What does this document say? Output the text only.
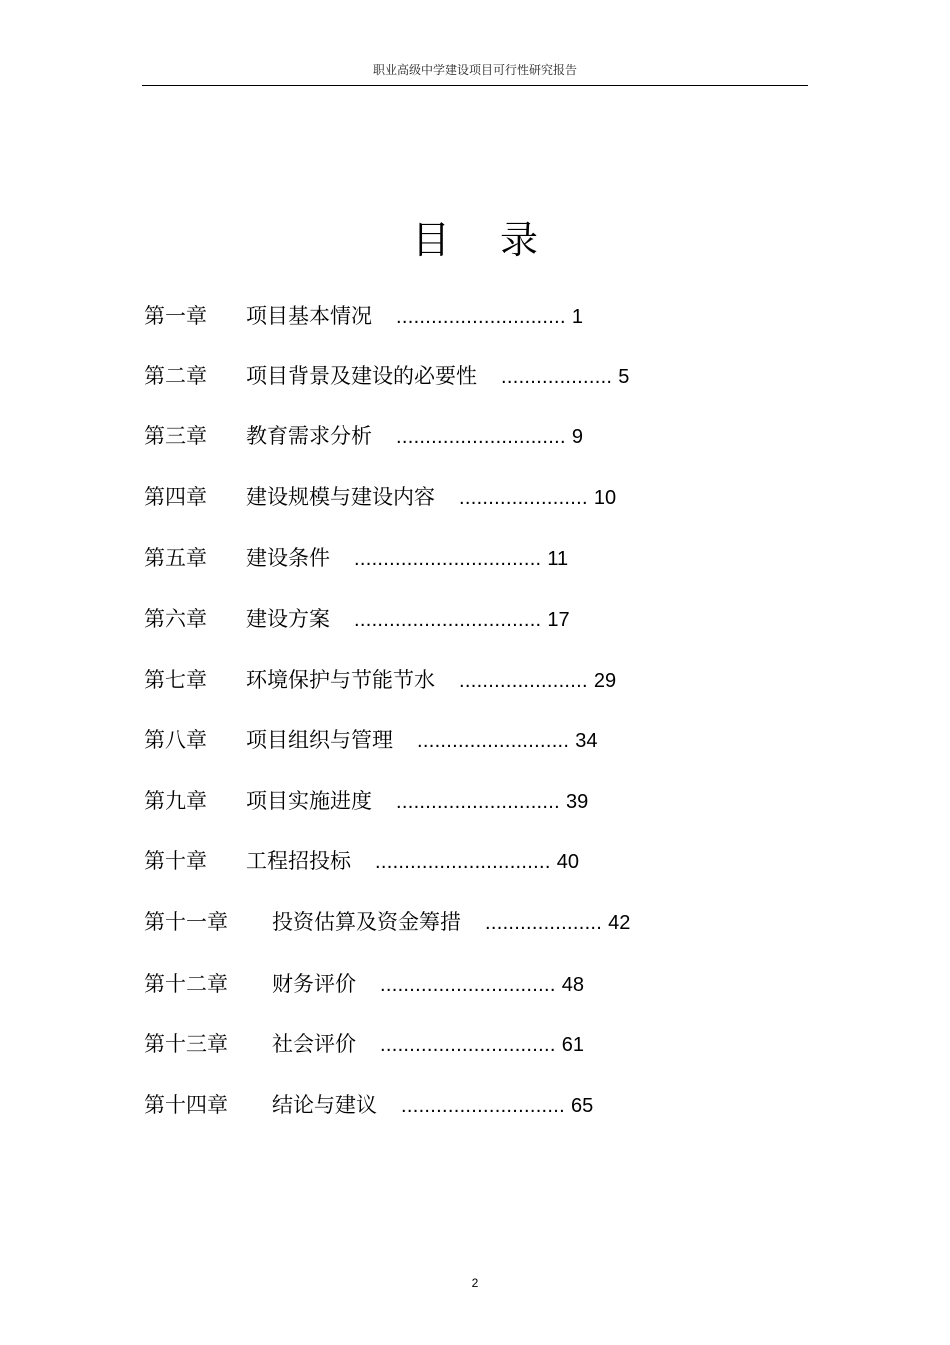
职业高级中学建设项目可行性研究报告
目 录
第一章 项目基本情况 ............................. 1
第二章 项目背景及建设的必要性 ................... 5
第三章 教育需求分析 ............................. 9
第四章 建设规模与建设内容 ...................... 10
第五章 建设条件 ................................ 11
第六章 建设方案 ................................ 17
第七章 环境保护与节能节水 ...................... 29
第八章 项目组织与管理 .......................... 34
第九章 项目实施进度 ............................ 39
第十章 工程招投标 .............................. 40
第十一章 投资估算及资金筹措 .................... 42
第十二章 财务评价 .............................. 48
第十三章 社会评价 .............................. 61
第十四章 结论与建议 ............................ 65
2
